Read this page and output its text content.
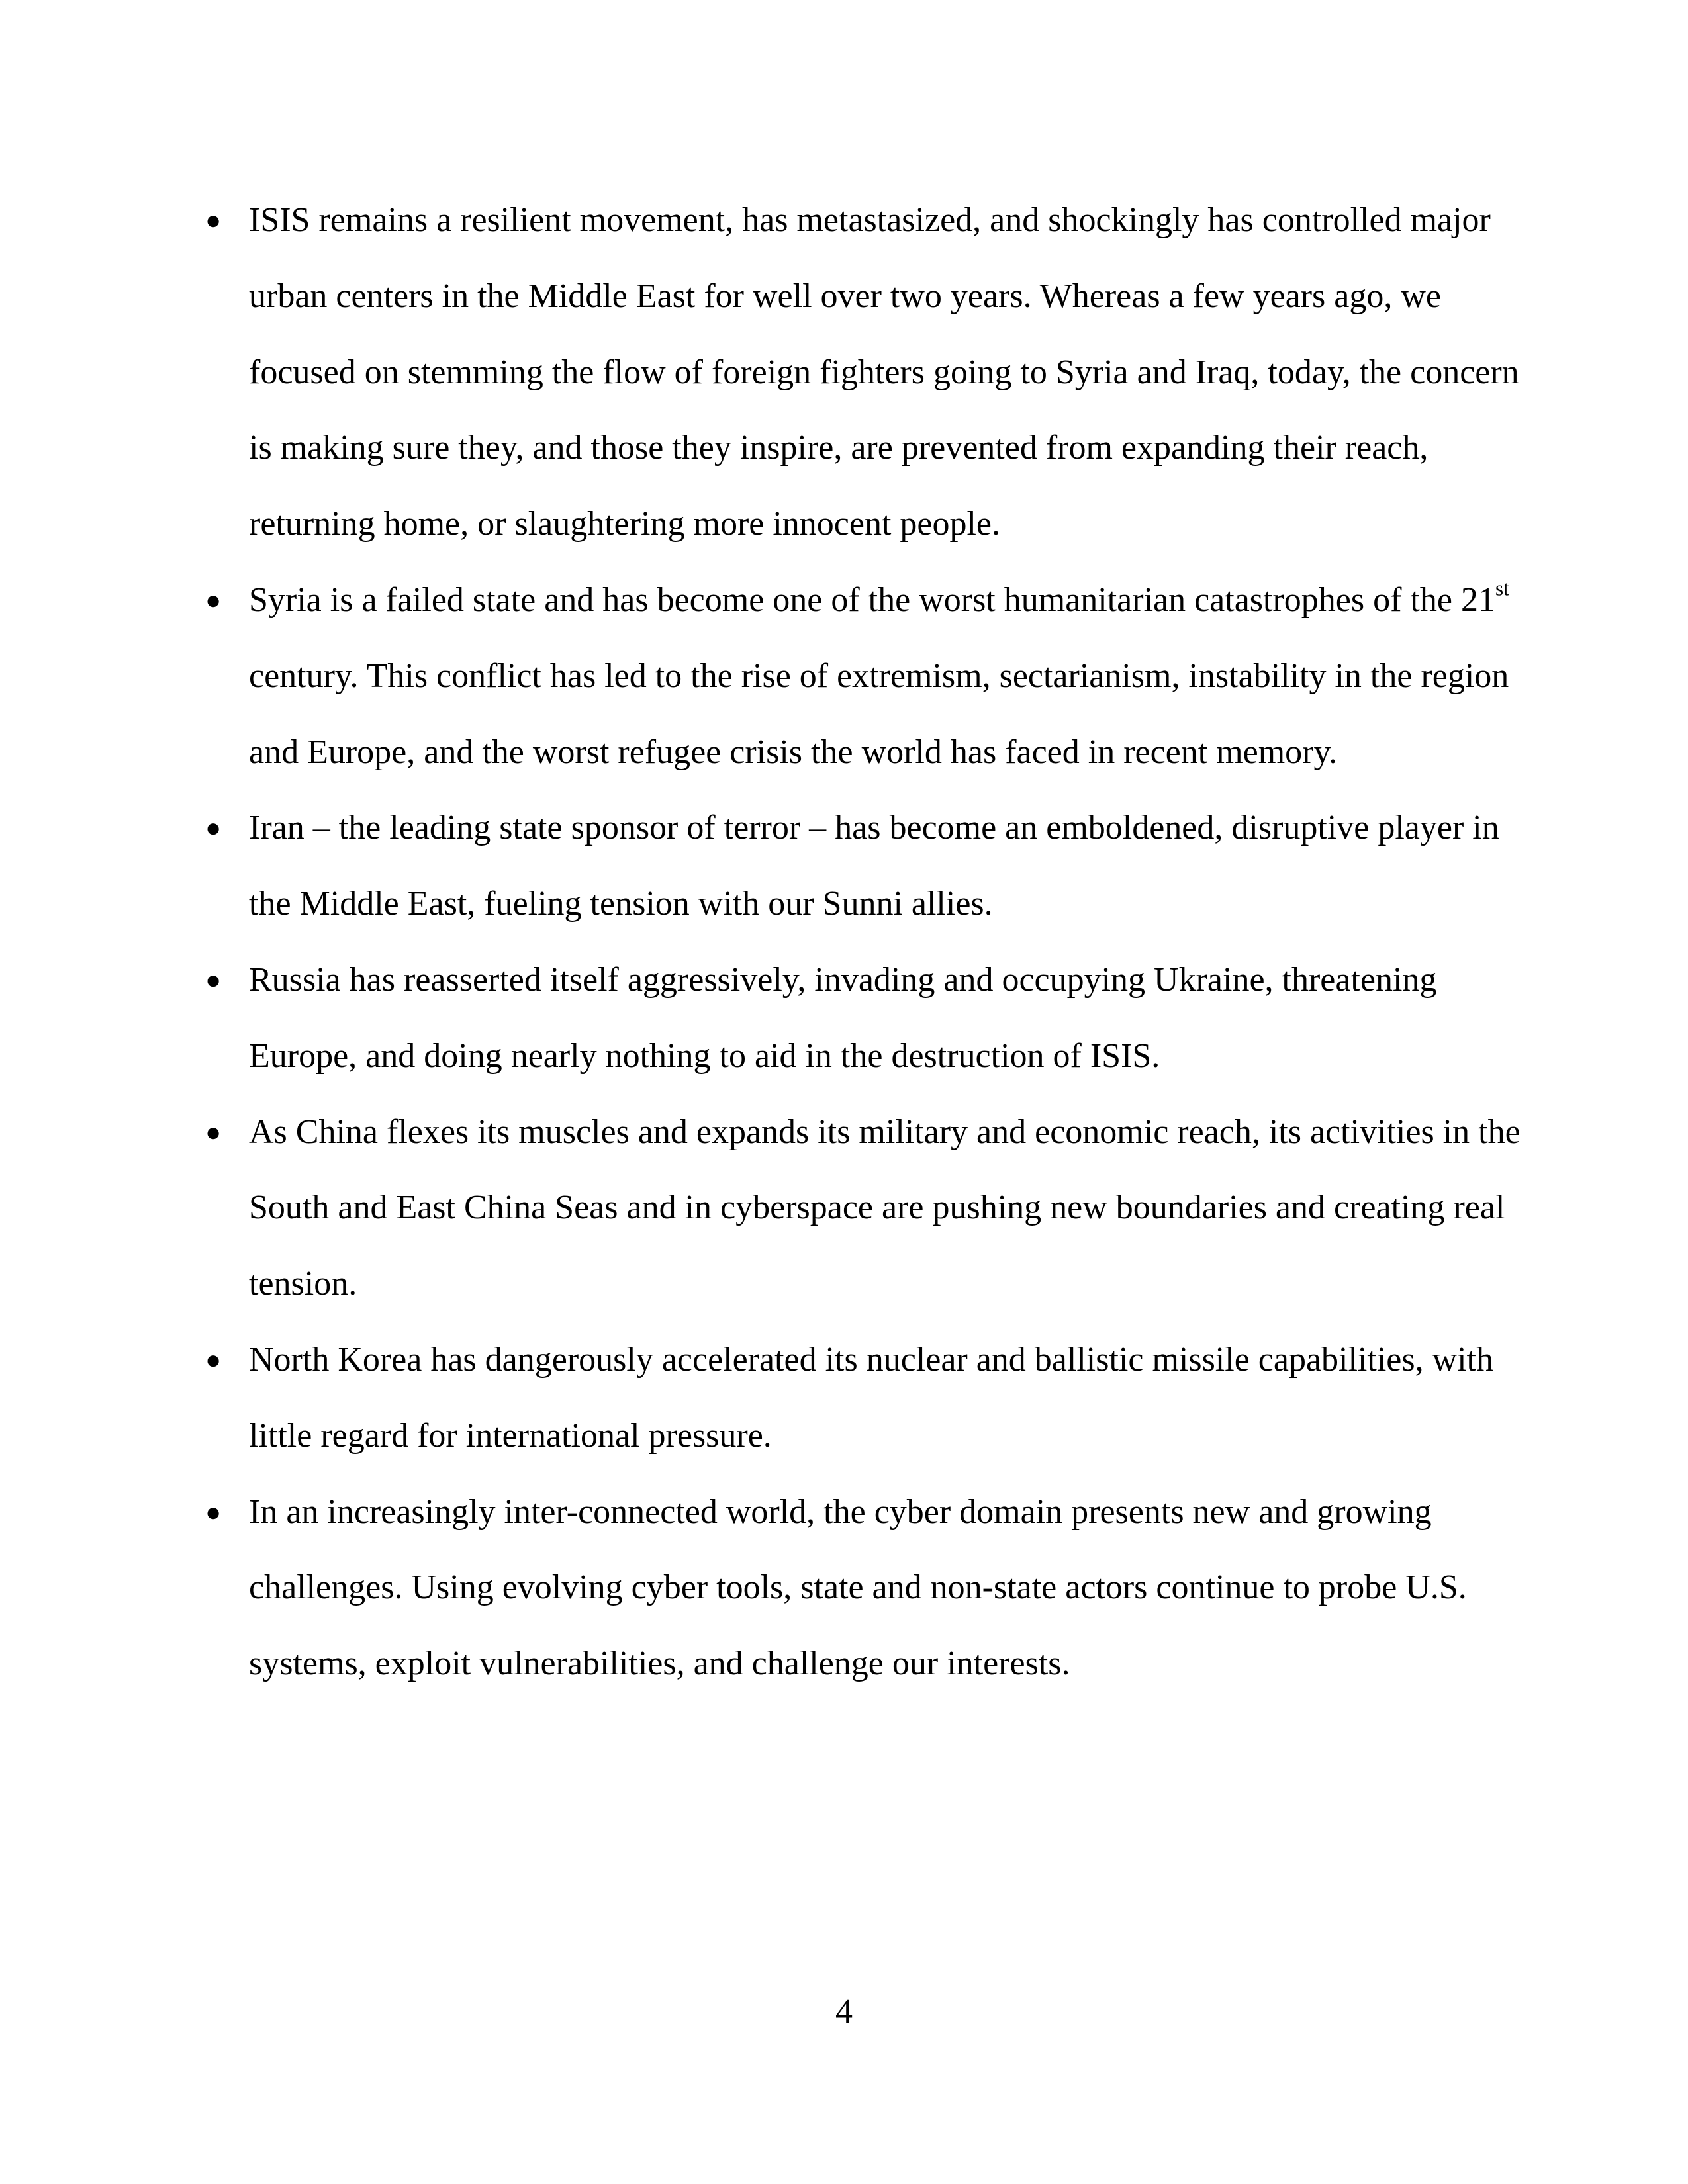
● ISIS remains a resilient movement, has metastasized, and shockingly has controlled major
urban centers in the Middle East for well over two years. Whereas a few years ago, we
focused on stemming the flow of foreign fighters going to Syria and Iraq, today, the concern
is making sure they, and those they inspire, are prevented from expanding their reach,
returning home, or slaughtering more innocent people.
● Syria is a failed state and has become one of the worst humanitarian catastrophes of the 21st
century. This conflict has led to the rise of extremism, sectarianism, instability in the region
and Europe, and the worst refugee crisis the world has faced in recent memory.
● Iran – the leading state sponsor of terror – has become an emboldened, disruptive player in
the Middle East, fueling tension with our Sunni allies.
● Russia has reasserted itself aggressively, invading and occupying Ukraine, threatening
Europe, and doing nearly nothing to aid in the destruction of ISIS.
● As China flexes its muscles and expands its military and economic reach, its activities in the
South and East China Seas and in cyberspace are pushing new boundaries and creating real
tension.
● North Korea has dangerously accelerated its nuclear and ballistic missile capabilities, with
little regard for international pressure.
● In an increasingly inter-connected world, the cyber domain presents new and growing
challenges. Using evolving cyber tools, state and non-state actors continue to probe U.S.
systems, exploit vulnerabilities, and challenge our interests.
4
